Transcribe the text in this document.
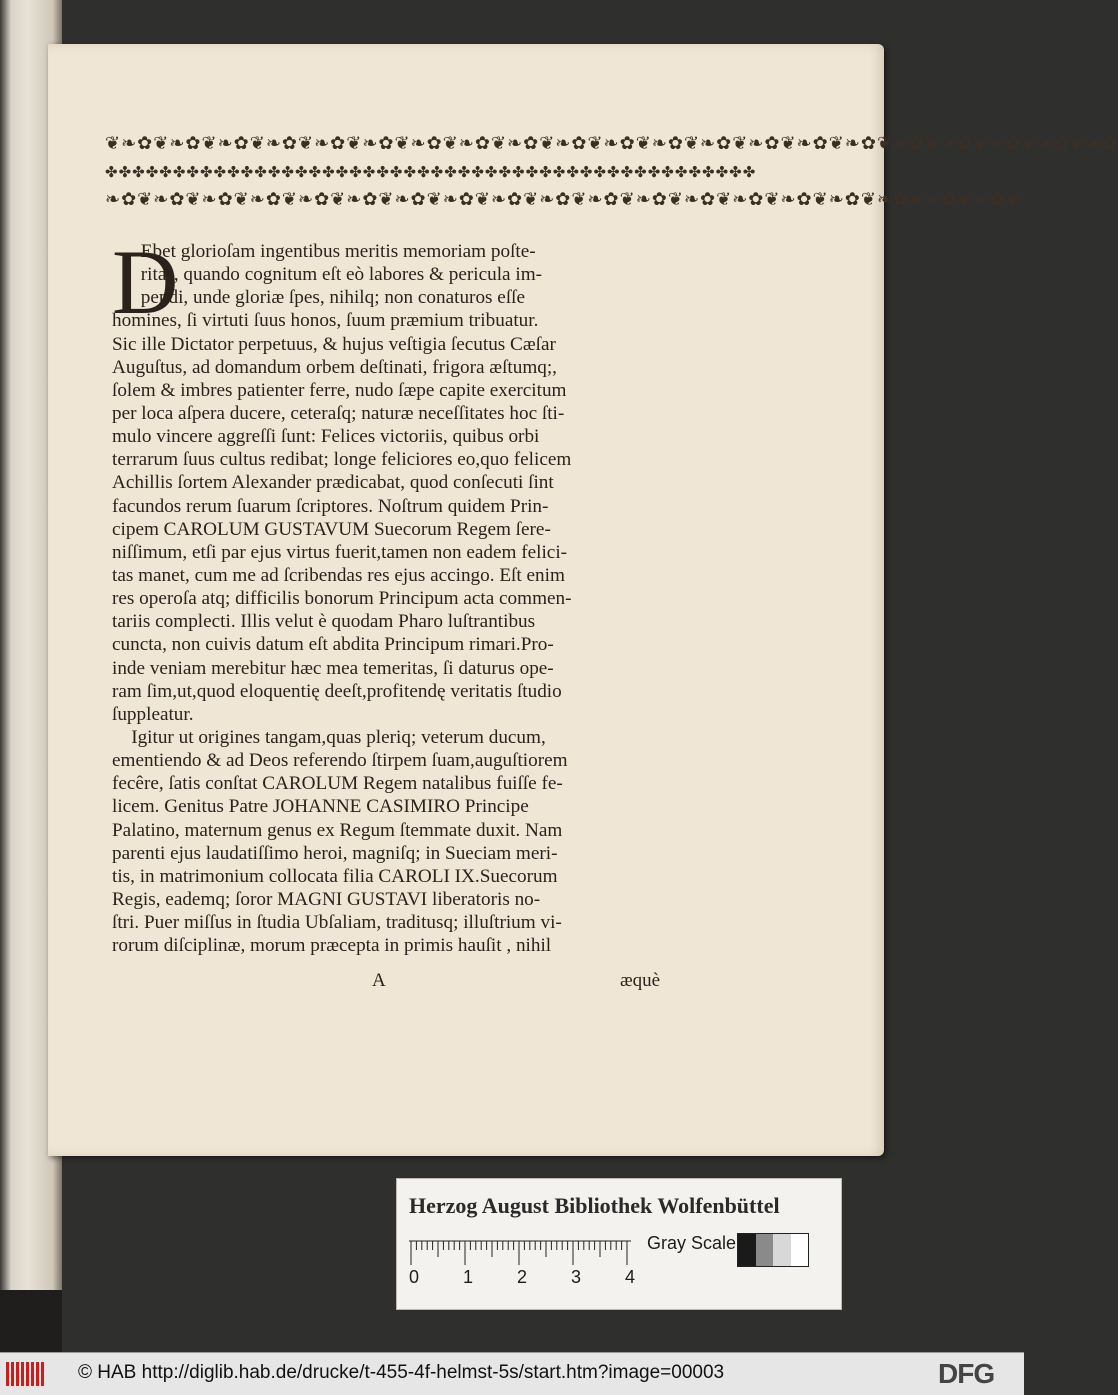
❦❧✿❦❧✿❦❧✿❦❧✿❦❧✿❦❧✿❦❧✿❦❧✿❦❧✿❦❧✿❦❧✿❦❧✿❦❧✿❦❧✿❦❧✿❦❧✿❦❧✿❦❧✿❦❧✿❦❧✿❦❧✿
✤✤✤✤✤✤✤✤✤✤✤✤✤✤✤✤✤✤✤✤✤✤✤✤✤✤✤✤✤✤✤✤✤✤✤✤✤✤✤✤✤✤✤✤✤✤✤✤
❧✿❦❧✿❦❧✿❦❧✿❦❧✿❦❧✿❦❧✿❦❧✿❦❧✿❦❧✿❦❧✿❦❧✿❦❧✿❦❧✿❦❧✿❦❧✿❦❧✿❦❧✿❦❧✿❦
D
Ebet glorioſam ingentibus meritis memoriam poſte-
ritas, quando cognitum eſt eò labores & pericula im-
pendi, unde gloriæ ſpes, nihilq; non conaturos eſſe
homines, ſi virtuti ſuus honos, ſuum præmium tribuatur.
Sic ille Dictator perpetuus, & hujus veſtigia ſecutus Cæſar
Auguſtus, ad domandum orbem deſtinati, frigora æſtumq;,
ſolem & imbres patienter ferre, nudo ſæpe capite exercitum
per loca aſpera ducere, ceteraſq; naturæ neceſſitates hoc ſti-
mulo vincere aggreſſi ſunt: Felices victoriis, quibus orbi
terrarum ſuus cultus redibat; longe feliciores eo,quo felicem
Achillis ſortem Alexander prædicabat, quod conſecuti ſint
facundos rerum ſuarum ſcriptores. Noſtrum quidem Prin-
cipem CAROLUM GUSTAVUM Suecorum Regem ſere-
niſſimum, etſi par ejus virtus fuerit,tamen non eadem felici-
tas manet, cum me ad ſcribendas res ejus accingo. Eſt enim
res operoſa atq; difficilis bonorum Principum acta commen-
tariis complecti. Illis velut è quodam Pharo luſtrantibus
cuncta, non cuivis datum eſt abdita Principum rimari.Pro-
inde veniam merebitur hæc mea temeritas, ſi daturus ope-
ram ſim,ut,quod eloquentię deeſt,profitendę veritatis ſtudio
ſuppleatur.
Igitur ut origines tangam,quas pleriq; veterum ducum,
ementiendo & ad Deos referendo ſtirpem ſuam,auguſtiorem
fecêre, ſatis conſtat CAROLUM Regem natalibus fuiſſe fe-
licem. Genitus Patre JOHANNE CASIMIRO Principe
Palatino, maternum genus ex Regum ſtemmate duxit. Nam
parenti ejus laudatiſſimo heroi, magniſq; in Sueciam meri-
tis, in matrimonium collocata filia CAROLI IX.Suecorum
Regis, eademq; ſoror MAGNI GUSTAVI liberatoris no-
ſtri. Puer miſſus in ſtudia Ubſaliam, traditusq; illuſtrium vi-
rorum diſciplinæ, morum præcepta in primis hauſit , nihil
A	æquè
Herzog August Bibliothek Wolfenbüttel
0 1 2 3 4
Gray Scale
© HAB http://diglib.hab.de/drucke/t-455-4f-helmst-5s/start.htm?image=00003	DFG
